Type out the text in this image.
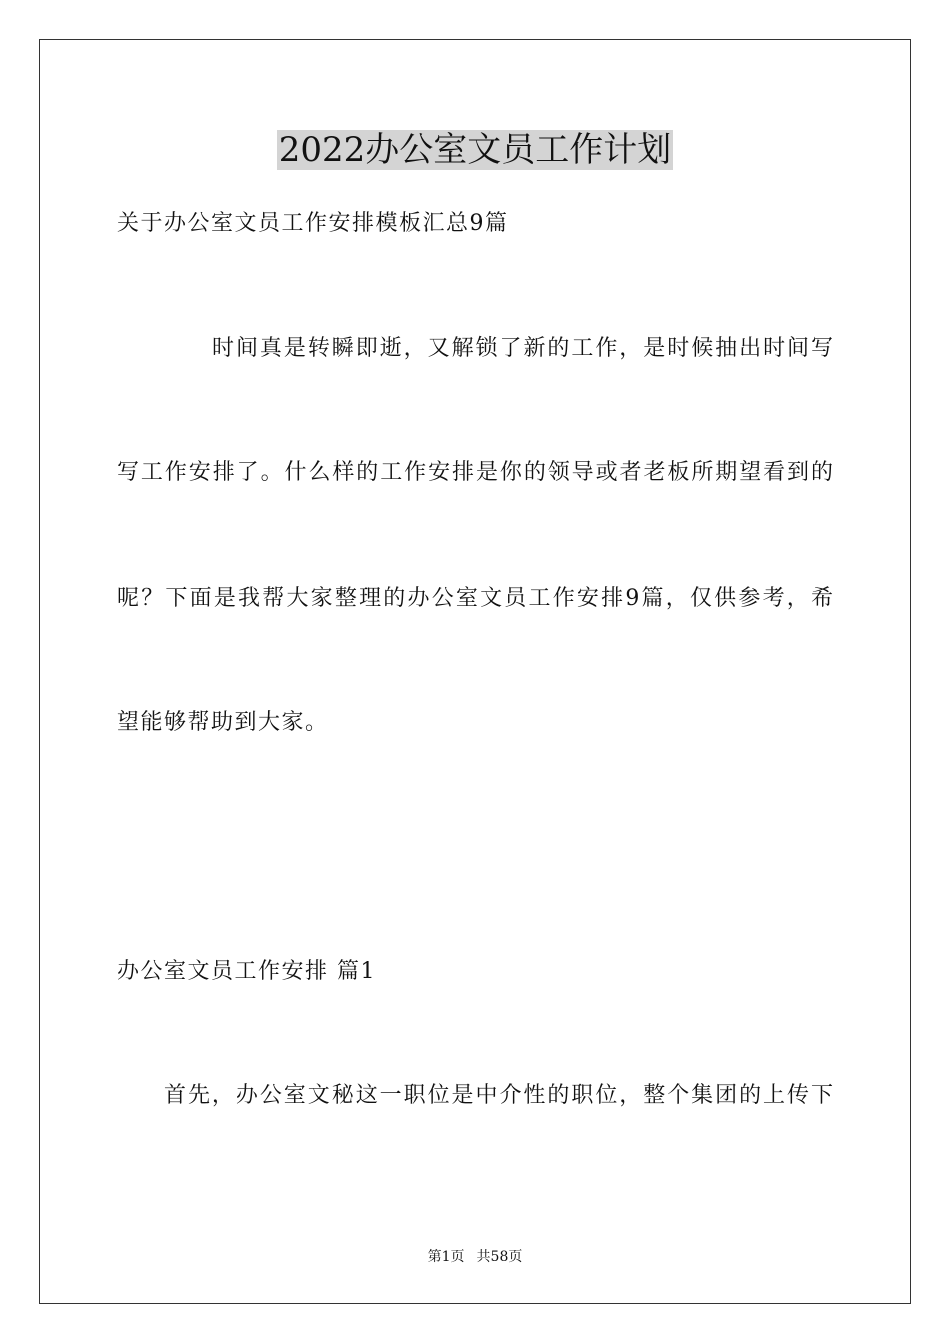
2022办公室文员工作计划

关于办公室文员工作安排模板汇总9篇

时间真是转瞬即逝，又解锁了新的工作，是时候抽出时间写

写工作安排了。什么样的工作安排是你的领导或者老板所期望看到的

呢？下面是我帮大家整理的办公室文员工作安排9篇，仅供参考，希

望能够帮助到大家。

办公室文员工作安排 篇1

首先，办公室文秘这一职位是中介性的职位，整个集团的上传下

第1页 共58页
